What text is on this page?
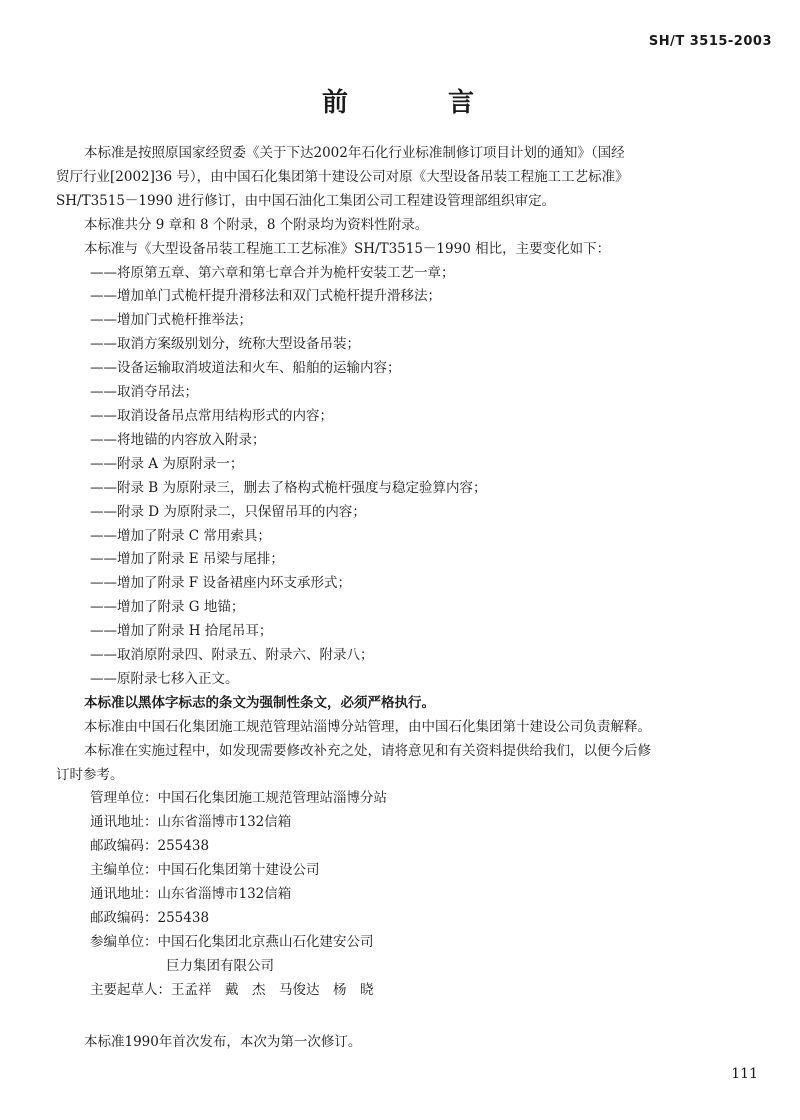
SH/T 3515-2003
前	言

本标准是按照原国家经贸委《关于下达2002年石化行业标准制修订项目计划的通知》（国经

贸厅行业[2002]36 号），由中国石化集团第十建设公司对原《大型设备吊装工程施工工艺标准》

SH/T3515－1990 进行修订，由中国石油化工集团公司工程建设管理部组织审定。

本标准共分 9 章和 8 个附录，8 个附录均为资料性附录。

本标准与《大型设备吊装工程施工工艺标准》SH/T3515－1990 相比，主要变化如下：

——将原第五章、第六章和第七章合并为桅杆安装工艺一章；

——增加单门式桅杆提升滑移法和双门式桅杆提升滑移法；

——增加门式桅杆推举法；

——取消方案级别划分，统称大型设备吊装；

——设备运输取消坡道法和火车、船舶的运输内容；

——取消夺吊法；

——取消设备吊点常用结构形式的内容；

——将地锚的内容放入附录；

——附录 A 为原附录一；

——附录 B 为原附录三，删去了格构式桅杆强度与稳定验算内容；

——附录 D 为原附录二，只保留吊耳的内容；

——增加了附录 C 常用索具；

——增加了附录 E 吊梁与尾排；

——增加了附录 F 设备裙座内环支承形式；

——增加了附录 G 地锚；

——增加了附录 H 拾尾吊耳；

——取消原附录四、附录五、附录六、附录八；

——原附录七移入正文。

本标准以黑体字标志的条文为强制性条文，必须严格执行。

本标准由中国石化集团施工规范管理站淄博分站管理，由中国石化集团第十建设公司负责解释。

本标准在实施过程中，如发现需要修改补充之处，请将意见和有关资料提供给我们，以便今后修

订时参考。

管理单位：中国石化集团施工规范管理站淄博分站

通讯地址：山东省淄博市132信箱

邮政编码：255438

主编单位：中国石化集团第十建设公司

通讯地址：山东省淄博市132信箱

邮政编码：255438

参编单位：中国石化集团北京燕山石化建安公司

巨力集团有限公司

主要起草人：王孟祥　戴　杰　马俊达　杨　晓

本标准1990年首次发布，本次为第一次修订。

111
